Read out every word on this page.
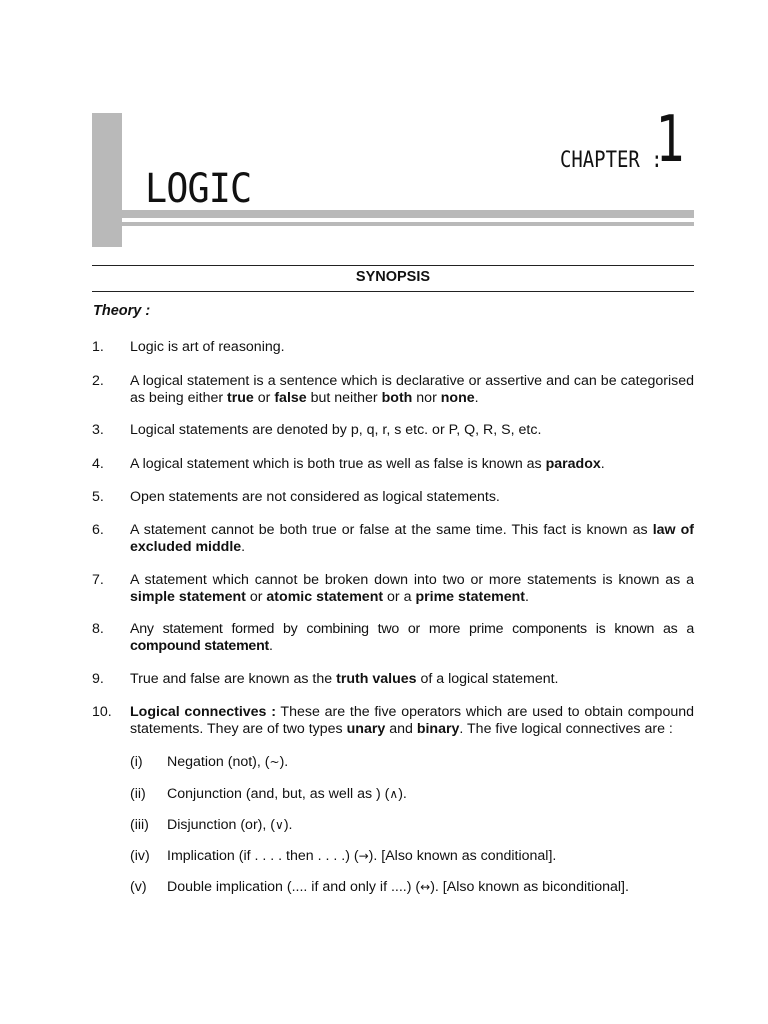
LOGIC
CHAPTER :
1
SYNOPSIS
Theory :
1.	Logic is art of reasoning.
2.	A logical statement is a sentence which is declarative or assertive and can be categorised as being either true or false but neither both nor none.
3.	Logical statements are denoted by p, q, r, s etc. or P, Q, R, S, etc.
4.	A logical statement which is both true as well as false is known as paradox.
5.	Open statements are not considered as logical statements.
6.	A statement cannot be both true or false at the same time. This fact is known as law of excluded middle.
7.	A statement which cannot be broken down into two or more statements is known as a simple statement or atomic statement or a prime statement.
8.	Any statement formed by combining two or more prime components is known as a compound statement.
9.	True and false are known as the truth values of a logical statement.
10.	Logical connectives : These are the five operators which are used to obtain compound statements. They are of two types unary and binary. The five logical connectives are :
(i) Negation (not), (~).
(ii) Conjunction (and, but, as well as ) (∧).
(iii) Disjunction (or), (∨).
(iv) Implication (if . . . . then . . . .) (→). [Also known as conditional].
(v) Double implication (.... if and only if ....) (↔). [Also known as biconditional].
